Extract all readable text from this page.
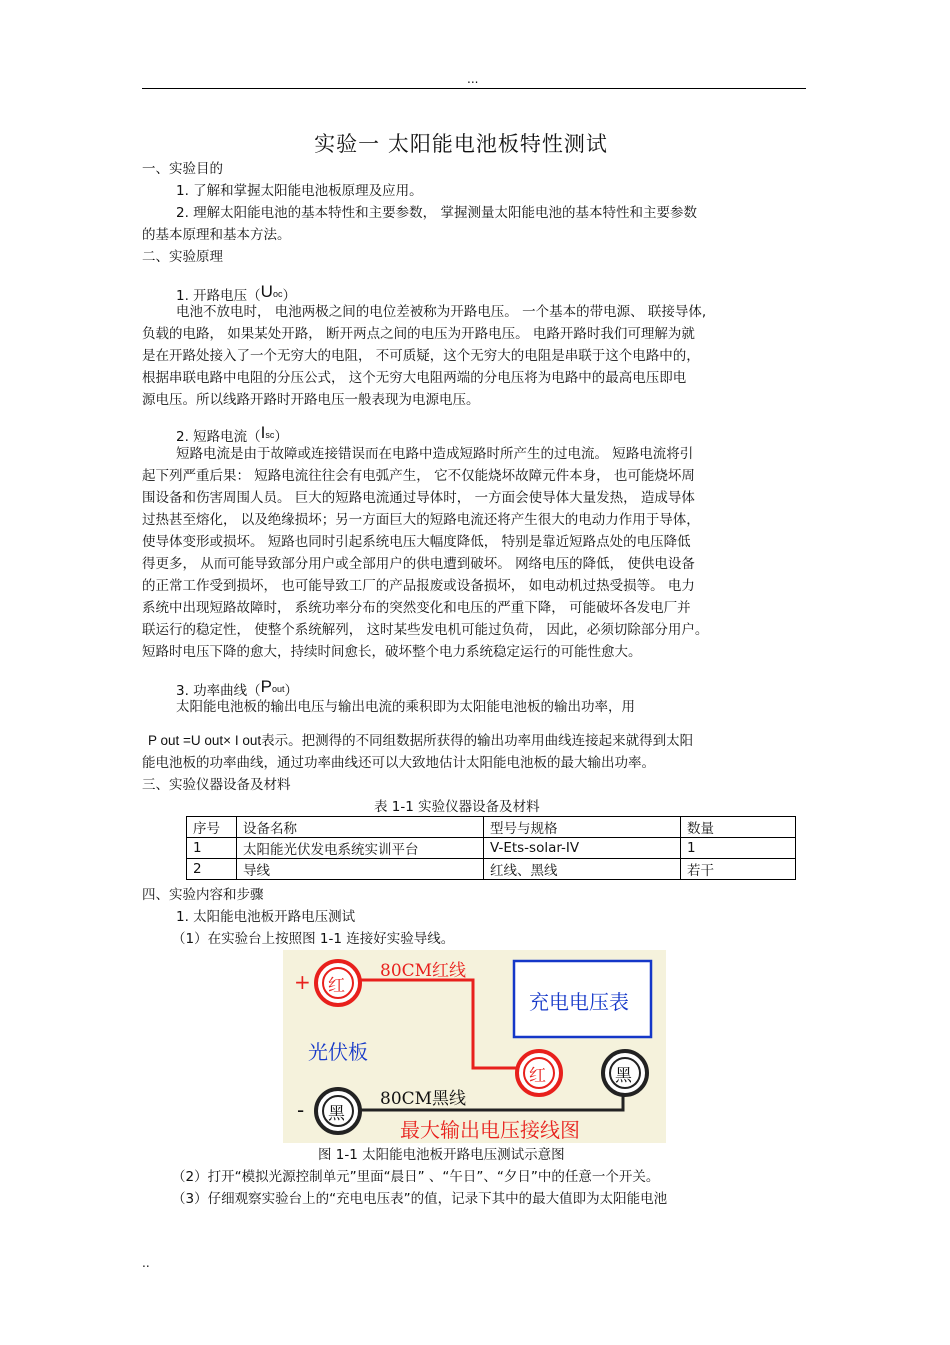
...
实验一 太阳能电池板特性测试
一、实验目的
1. 了解和掌握太阳能电池板原理及应用。
2. 理解太阳能电池的基本特性和主要参数， 掌握测量太阳能电池的基本特性和主要参数
的基本原理和基本方法。
二、实验原理
1. 开路电压$(U^{oc})$
电池不放电时， 电池两极之间的电位差被称为开路电压。 一个基本的带电源、 联接导体,
负载的电路， 如果某处开路， 断开两点之间的电压为开路电压。 电路开路时我们可理解为就
是在开路处接入了一个无穷大的电阻， 不可质疑，这个无穷大的电阻是串联于这个电路中的，
根据串联电路中电阻的分压公式， 这个无穷大电阻两端的分电压将为电路中的最高电压即电
源电压。所以线路开路时开路电压一般表现为电源电压。
2. 短路电流$(I^{sc})$
短路电流是由于故障或连接错误而在电路中造成短路时所产生的过电流。 短路电流将引
起下列严重后果： 短路电流往往会有电弧产生， 它不仅能烧坏故障元件本身， 也可能烧坏周
围设备和伤害周围人员。 巨大的短路电流通过导体时， 一方面会使导体大量发热， 造成导体
过热甚至熔化， 以及绝缘损坏；另一方面巨大的短路电流还将产生很大的电动力作用于导体，
使导体变形或损坏。 短路也同时引起系统电压大幅度降低， 特别是靠近短路点处的电压降低
得更多， 从而可能导致部分用户或全部用户的供电遭到破坏。 网络电压的降低， 使供电设备
的正常工作受到损坏， 也可能导致工厂的产品报废或设备损坏， 如电动机过热受损等。 电力
系统中出现短路故障时， 系统功率分布的突然变化和电压的严重下降， 可能破坏各发电厂并
联运行的稳定性， 使整个系统解列， 这时某些发电机可能过负荷， 因此，必须切除部分用户。
短路时电压下降的愈大，持续时间愈长，破坏整个电力系统稳定运行的可能性愈大。
3. 功率曲线$(P^{out})$
太阳能电池板的输出电压与输出电流的乘积即为太阳能电池板的输出功率，用
P out =U out× I out表示。把测得的不同组数据所获得的输出功率用曲线连接起来就得到太阳
能电池板的功率曲线，通过功率曲线还可以大致地估计太阳能电池板的最大输出功率。
三、实验仪器设备及材料
表 1-1 实验仪器设备及材料
序号	设备名称	型号与规格	数量
1	太阳能光伏发电系统实训平台	V-Ets-solar-IV	1
2	导线	红线、黑线	若干
四、实验内容和步骤
1. 太阳能电池板开路电压测试
（1）在实验台上按照图 1-1 连接好实验导线。
红
黑
红	黑
+
-
80CM红线
80CM黑线
充电电压表
光伏板
最大输出电压接线图
图 1-1 太阳能电池板开路电压测试示意图
（2）打开“模拟光源控制单元”里面“晨日” 、“午日”、“夕日”中的任意一个开关。
（3）仔细观察实验台上的“充电电压表”的值，记录下其中的最大值即为太阳能电池
..
